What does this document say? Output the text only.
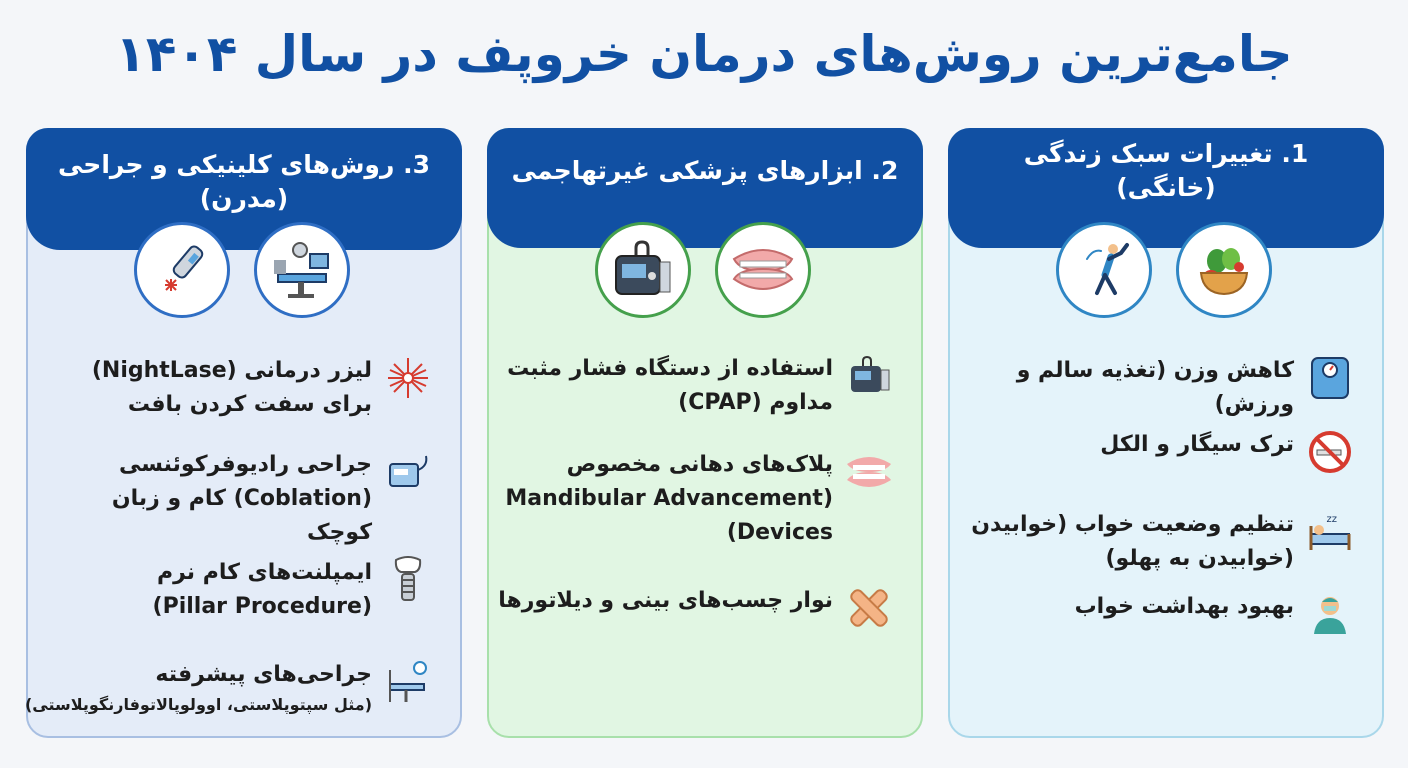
جامع‌ترین روش‌های درمان خروپف در سال ۱۴۰۴
1. تغییرات سبک زندگی (خانگی)
کاهش وزن (تغذیه سالم و ورزش)
ترک سیگار و الکل
zz
تنظیم وضعیت خواب (خوابیدن (خوابیدن به پهلو)
بهبود بهداشت خواب
2. ابزارهای پزشکی غیرتهاجمی
استفاده از دستگاه فشار مثبت مداوم (CPAP)
پلاک‌های دهانی مخصوص (Mandibular Advancement Devices)
نوار چسب‌های بینی و دیلاتورها
3. روش‌های کلینیکی و جراحی (مدرن)
لیزر درمانی (NightLase) برای سفت کردن بافت
جراحی رادیوفرکوئنسی (Coblation) کام و زبان کوچک
ایمپلنت‌های کام نرم (Pillar Procedure)
جراحی‌های پیشرفته
(مثل سپتوپلاستی، اوولوپالاتوفارنگوپلاستی)
